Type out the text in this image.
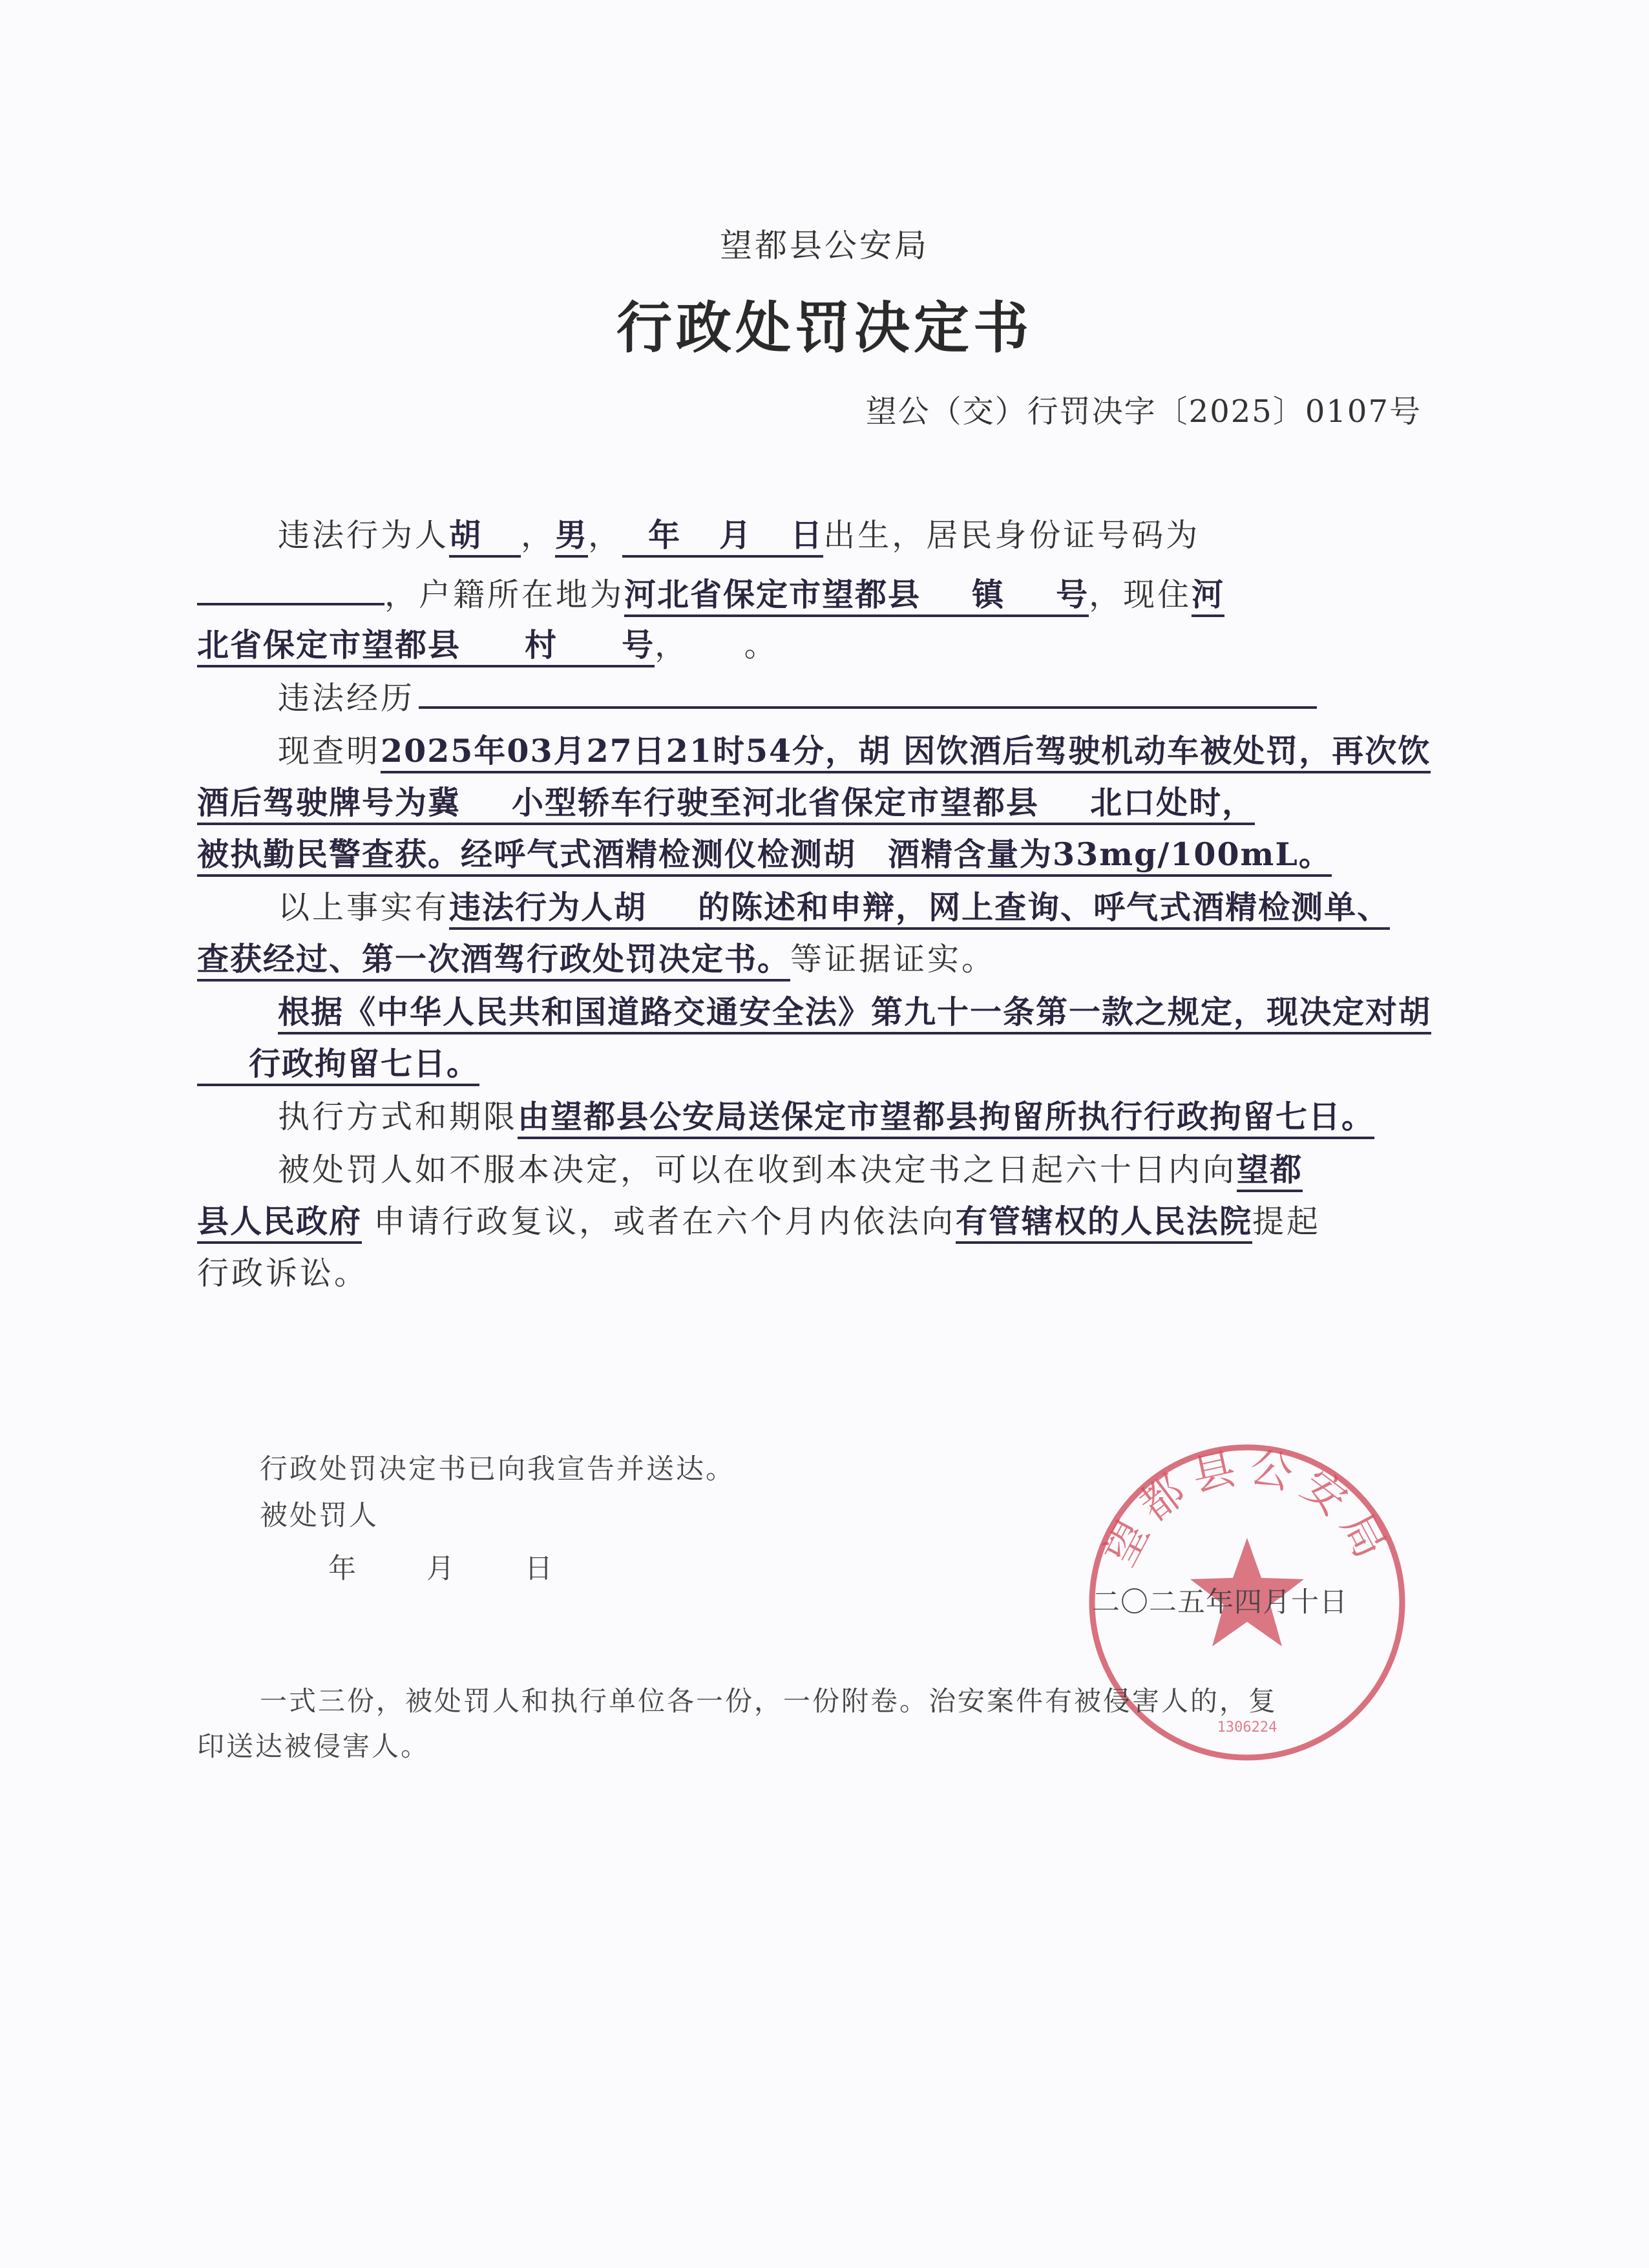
望都县公安局
行政处罚决定书
望公（交）行罚决字〔2025〕0107号
违法行为人胡 ，男， 年 月 日出生，居民身份证号码为
，户籍所在地为河北省保定市望都县 镇 号，现住河
北省保定市望都县 村 号， 。
违法经历
现查明2025年03月27日21时54分，胡 因饮酒后驾驶机动车被处罚，再次饮
酒后驾驶牌号为冀 小型轿车行驶至河北省保定市望都县 北口处时，
被执勤民警查获。经呼气式酒精检测仪检测胡 酒精含量为33mg/100mL。
以上事实有违法行为人胡 的陈述和申辩，网上查询、呼气式酒精检测单、
查获经过、第一次酒驾行政处罚决定书。等证据证实。
根据《中华人民共和国道路交通安全法》第九十一条第一款之规定，现决定对胡
行政拘留七日。
执行方式和期限由望都县公安局送保定市望都县拘留所执行行政拘留七日。
被处罚人如不服本决定，可以在收到本决定书之日起六十日内向望都
县人民政府 申请行政复议，或者在六个月内依法向有管辖权的人民法院提起
行政诉讼。
行政处罚决定书已向我宣告并送达。
被处罚人
年 月 日	望都县公安局
1306224
二〇二五年四月十日
一式三份，被处罚人和执行单位各一份，一份附卷。治安案件有被侵害人的，复
印送达被侵害人。
